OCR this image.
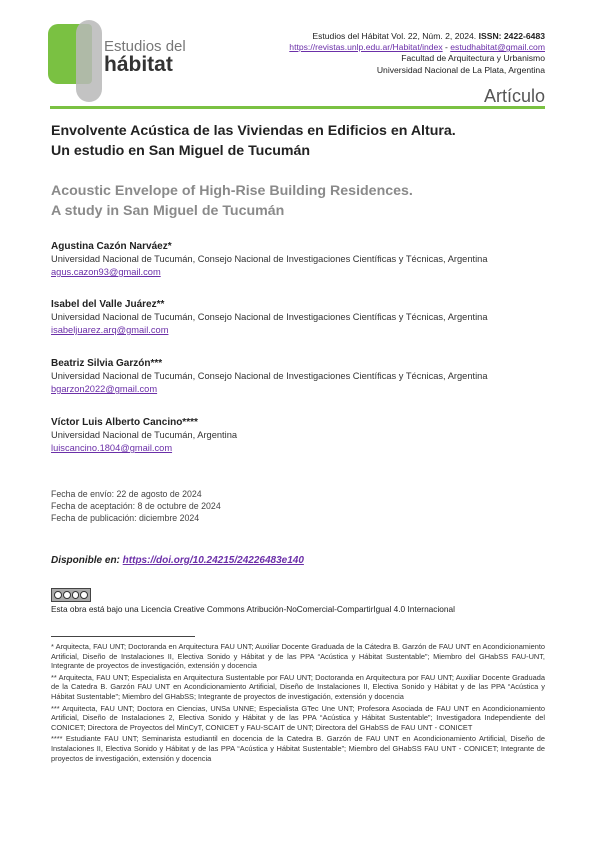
Estudios del
hábitat
Estudios del Hábitat Vol. 22, Núm. 2, 2024. ISSN: 2422-6483
https://revistas.unlp.edu.ar/Habitat/index - estudhabitat@gmail.com
Facultad de Arquitectura y Urbanismo
Universidad Nacional de La Plata, Argentina
Artículo
Envolvente Acústica de las Viviendas en Edificios en Altura.
Un estudio en San Miguel de Tucumán
Acoustic Envelope of High-Rise Building Residences.
A study in San Miguel de Tucumán
Agustina Cazón Narváez*
Universidad Nacional de Tucumán, Consejo Nacional de Investigaciones Científicas y Técnicas, Argentina
agus.cazon93@gmail.com
Isabel del Valle Juárez**
Universidad Nacional de Tucumán, Consejo Nacional de Investigaciones Científicas y Técnicas, Argentina
isabeljuarez.arq@gmail.com
Beatriz Silvia Garzón***
Universidad Nacional de Tucumán, Consejo Nacional de Investigaciones Científicas y Técnicas, Argentina
bgarzon2022@gmail.com
Víctor Luis Alberto Cancino****
Universidad Nacional de Tucumán, Argentina
luiscancino.1804@gmail.com
Fecha de envío: 22 de agosto de 2024
Fecha de aceptación: 8 de octubre de 2024
Fecha de publicación: diciembre 2024
Disponible en: https://doi.org/10.24215/24226483e140
Esta obra está bajo una Licencia Creative Commons Atribución-NoComercial-CompartirIgual 4.0 Internacional

* Arquitecta, FAU UNT; Doctoranda en Arquitectura FAU UNT; Auxiliar Docente Graduada de la Cátedra B. Garzón de FAU UNT en Acondicionamiento Artificial, Diseño de Instalaciones II, Electiva Sonido y Hábitat y de las PPA “Acústica y Hábitat Sustentable”; Miembro del GHabSS FAU-UNT, Integrante de proyectos de investigación, extensión y docencia

** Arquitecta, FAU UNT; Especialista en Arquitectura Sustentable por FAU UNT; Doctoranda en Arquitectura por FAU UNT; Auxiliar Docente Graduada de la Catedra B. Garzón FAU UNT en Acondicionamiento Artificial, Diseño de Instalaciones II, Electiva Sonido y Hábitat y de las PPA “Acústica y Hábitat Sustentable”; Miembro del GHabSS; Integrante de proyectos de investigación, extensión y docencia

*** Arquitecta, FAU UNT; Doctora en Ciencias, UNSa UNNE; Especialista GTec Une UNT; Profesora Asociada de FAU UNT en Acondicionamiento Artificial, Diseño de Instalaciones 2, Electiva Sonido y Hábitat y de las PPA “Acústica y Hábitat Sustentable”; Investigadora Independiente del CONICET; Directora de Proyectos del MinCyT, CONICET y FAU-SCAIT de UNT; Directora del GHabSS de FAU UNT - CONICET

**** Estudiante FAU UNT; Seminarista estudiantil en docencia de la Catedra B. Garzón de FAU UNT en Acondicionamiento Artificial, Diseño de Instalaciones II, Electiva Sonido y Hábitat y de las PPA “Acústica y Hábitat Sustentable”; Miembro del GHabSS FAU UNT - CONICET; Integrante de proyectos de investigación, extensión y docencia
